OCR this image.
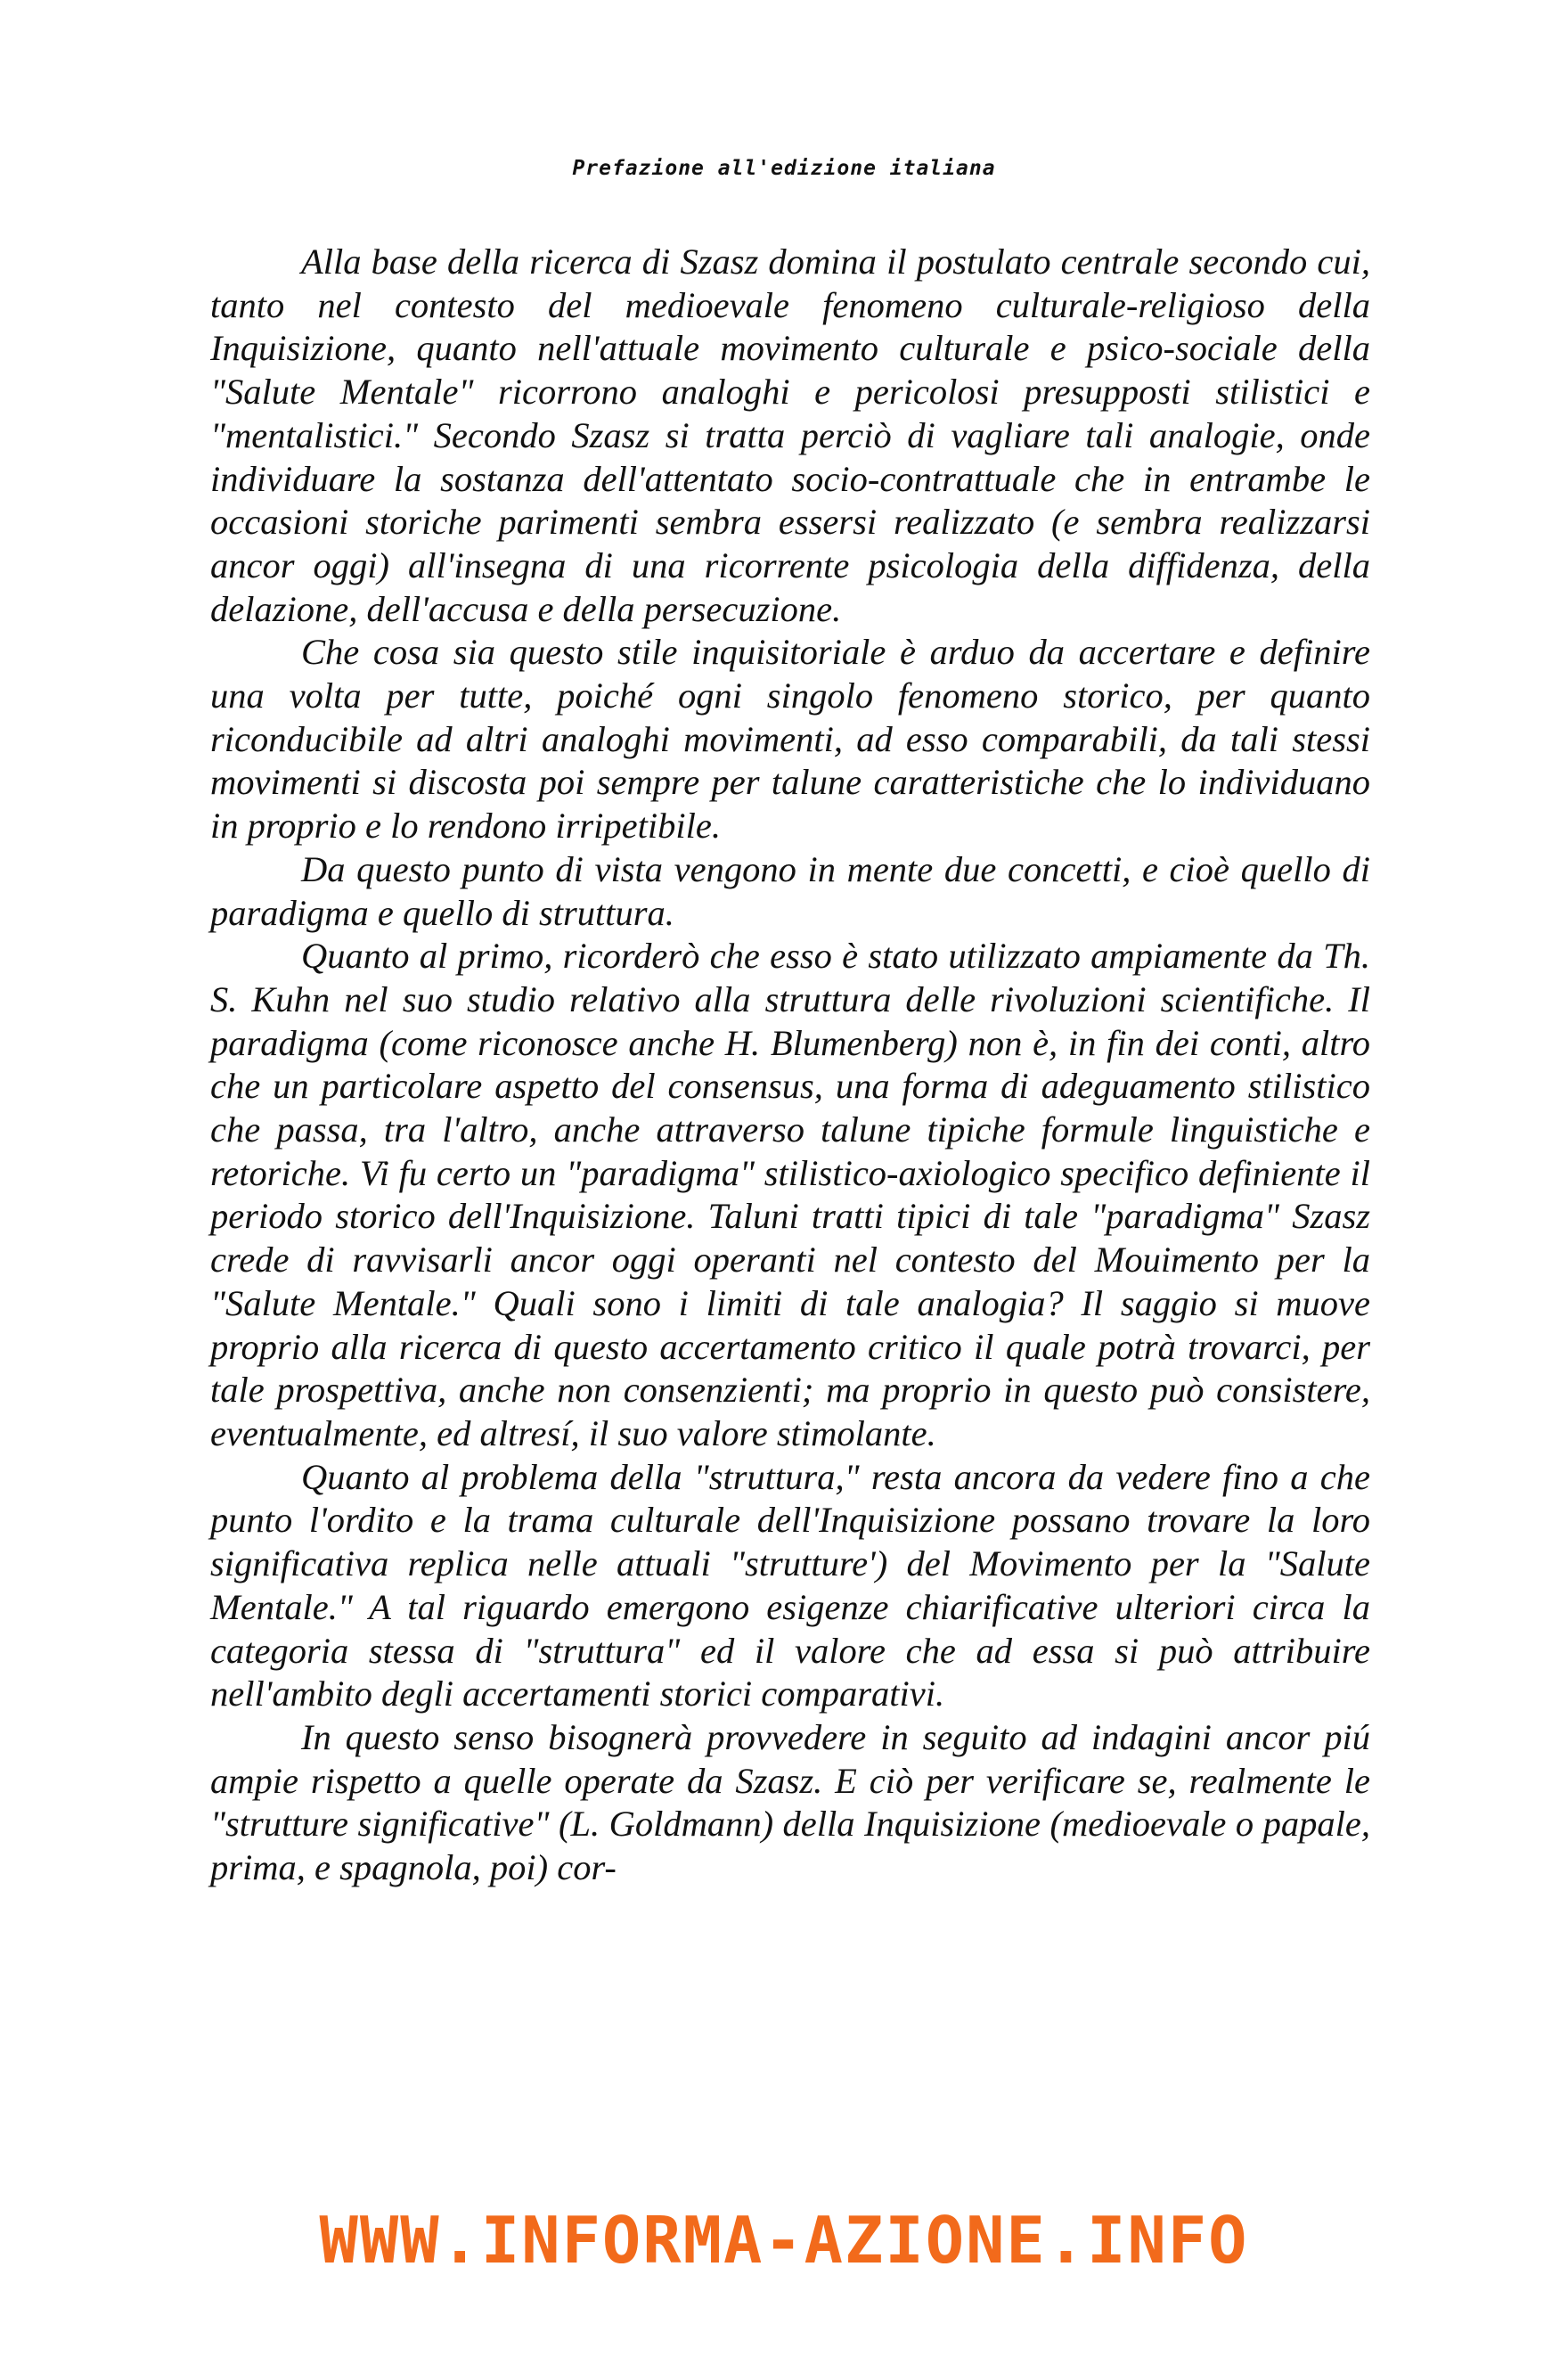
Prefazione all'edizione italiana

Alla base della ricerca di Szasz domina il postulato centrale secondo cui, tanto nel contesto del medioevale fenomeno culturale-religioso della Inquisizione, quanto nell'attuale movimento culturale e psico-sociale della "Salute Mentale" ricorrono analoghi e pericolosi presupposti stilistici e "mentalistici." Secondo Szasz si tratta perciò di vagliare tali analogie, onde individuare la sostanza dell'attentato socio-contrattuale che in entrambe le occasioni storiche parimenti sembra essersi realizzato (e sembra realizzarsi ancor oggi) all'insegna di una ricorrente psicologia della diffidenza, della delazione, dell'accusa e della persecuzione.

Che cosa sia questo stile inquisitoriale è arduo da accertare e definire una volta per tutte, poiché ogni singolo fenomeno storico, per quanto riconducibile ad altri analoghi movimenti, ad esso comparabili, da tali stessi movimenti si discosta poi sempre per talune caratteristiche che lo individuano in proprio e lo rendono irripetibile.

Da questo punto di vista vengono in mente due concetti, e cioè quello di paradigma e quello di struttura.

Quanto al primo, ricorderò che esso è stato utilizzato ampiamente da Th. S. Kuhn nel suo studio relativo alla struttura delle rivoluzioni scientifiche. Il paradigma (come riconosce anche H. Blumenberg) non è, in fin dei conti, altro che un particolare aspetto del consensus, una forma di adeguamento stilistico che passa, tra l'altro, anche attraverso talune tipiche formule linguistiche e retoriche. Vi fu certo un "paradigma" stilistico-axiologico specifico definiente il periodo storico dell'Inquisizione. Taluni tratti tipici di tale "paradigma" Szasz crede di ravvisarli ancor oggi operanti nel contesto del Mouimento per la "Salute Mentale." Quali sono i limiti di tale analogia? Il saggio si muove proprio alla ricerca di questo accertamento critico il quale potrà trovarci, per tale prospettiva, anche non consenzienti; ma proprio in questo può consistere, eventualmente, ed altresí, il suo valore stimolante.

Quanto al problema della "struttura," resta ancora da vedere fino a che punto l'ordito e la trama culturale dell'Inquisizione possano trovare la loro significativa replica nelle attuali "strutture') del Movimento per la "Salute Mentale." A tal riguardo emergono esigenze chiarificative ulteriori circa la categoria stessa di "struttura" ed il valore che ad essa si può attribuire nell'ambito degli accertamenti storici comparativi.

In questo senso bisognerà provvedere in seguito ad indagini ancor piú ampie rispetto a quelle operate da Szasz. E ciò per verificare se, realmente le "strutture significative" (L. Goldmann) della Inquisizione (medioevale o papale, prima, e spagnola, poi) cor-

WWW.INFORMA-AZIONE.INFO
